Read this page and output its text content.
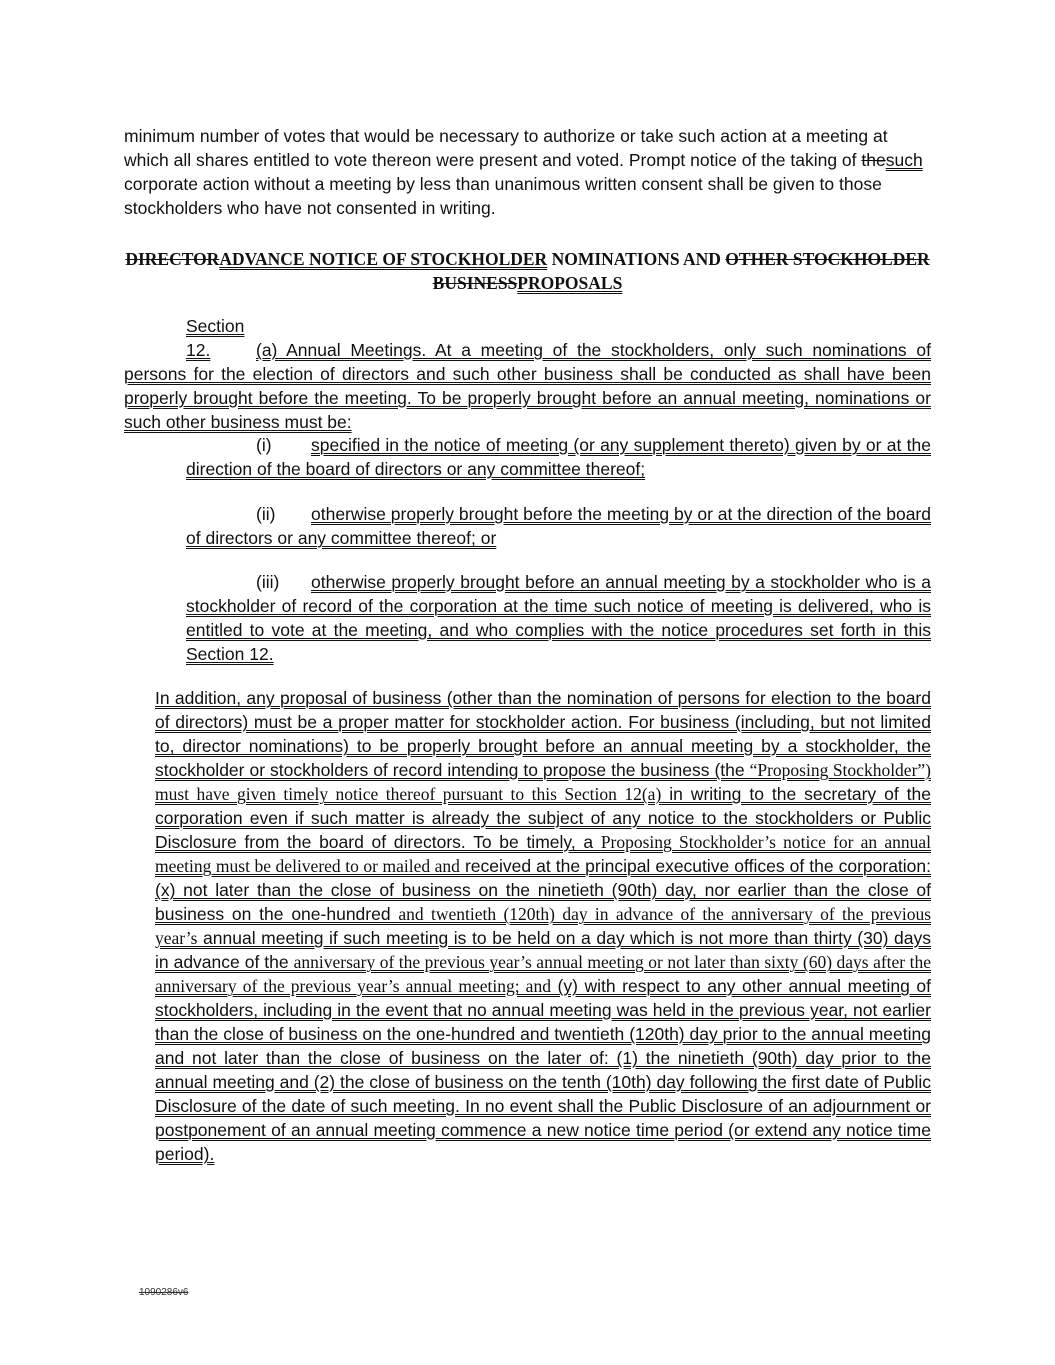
minimum number of votes that would be necessary to authorize or take such action at a meeting at which all shares entitled to vote thereon were present and voted. Prompt notice of the taking of thesuch corporate action without a meeting by less than unanimous written consent shall be given to those stockholders who have not consented in writing.

DIRECTORADVANCE NOTICE OF STOCKHOLDER NOMINATIONS AND OTHER STOCKHOLDER BUSINESSPROPOSALS

Section 12.	(a) Annual Meetings. At a meeting of the stockholders, only such nominations of persons for the election of directors and such other business shall be conducted as shall have been properly brought before the meeting. To be properly brought before an annual meeting, nominations or such other business must be:

(i) specified in the notice of meeting (or any supplement thereto) given by or at the direction of the board of directors or any committee thereof;

(ii) otherwise properly brought before the meeting by or at the direction of the board of directors or any committee thereof; or

(iii) otherwise properly brought before an annual meeting by a stockholder who is a stockholder of record of the corporation at the time such notice of meeting is delivered, who is entitled to vote at the meeting, and who complies with the notice procedures set forth in this Section 12.

In addition, any proposal of business (other than the nomination of persons for election to the board of directors) must be a proper matter for stockholder action. For business (including, but not limited to, director nominations) to be properly brought before an annual meeting by a stockholder, the stockholder or stockholders of record intending to propose the business (the “Proposing Stockholder”) must have given timely notice thereof pursuant to this Section 12(a) in writing to the secretary of the corporation even if such matter is already the subject of any notice to the stockholders or Public Disclosure from the board of directors. To be timely, a Proposing Stockholder’s notice for an annual meeting must be delivered to or mailed and received at the principal executive offices of the corporation: (x) not later than the close of business on the ninetieth (90th) day, nor earlier than the close of business on the one-hundred and twentieth (120th) day in advance of the anniversary of the previous year’s annual meeting if such meeting is to be held on a day which is not more than thirty (30) days in advance of the anniversary of the previous year’s annual meeting or not later than sixty (60) days after the anniversary of the previous year’s annual meeting; and (y) with respect to any other annual meeting of stockholders, including in the event that no annual meeting was held in the previous year, not earlier than the close of business on the one-hundred and twentieth (120th) day prior to the annual meeting and not later than the close of business on the later of: (1) the ninetieth (90th) day prior to the annual meeting and (2) the close of business on the tenth (10th) day following the first date of Public Disclosure of the date of such meeting. In no event shall the Public Disclosure of an adjournment or postponement of an annual meeting commence a new notice time period (or extend any notice time period).

1090286v6
